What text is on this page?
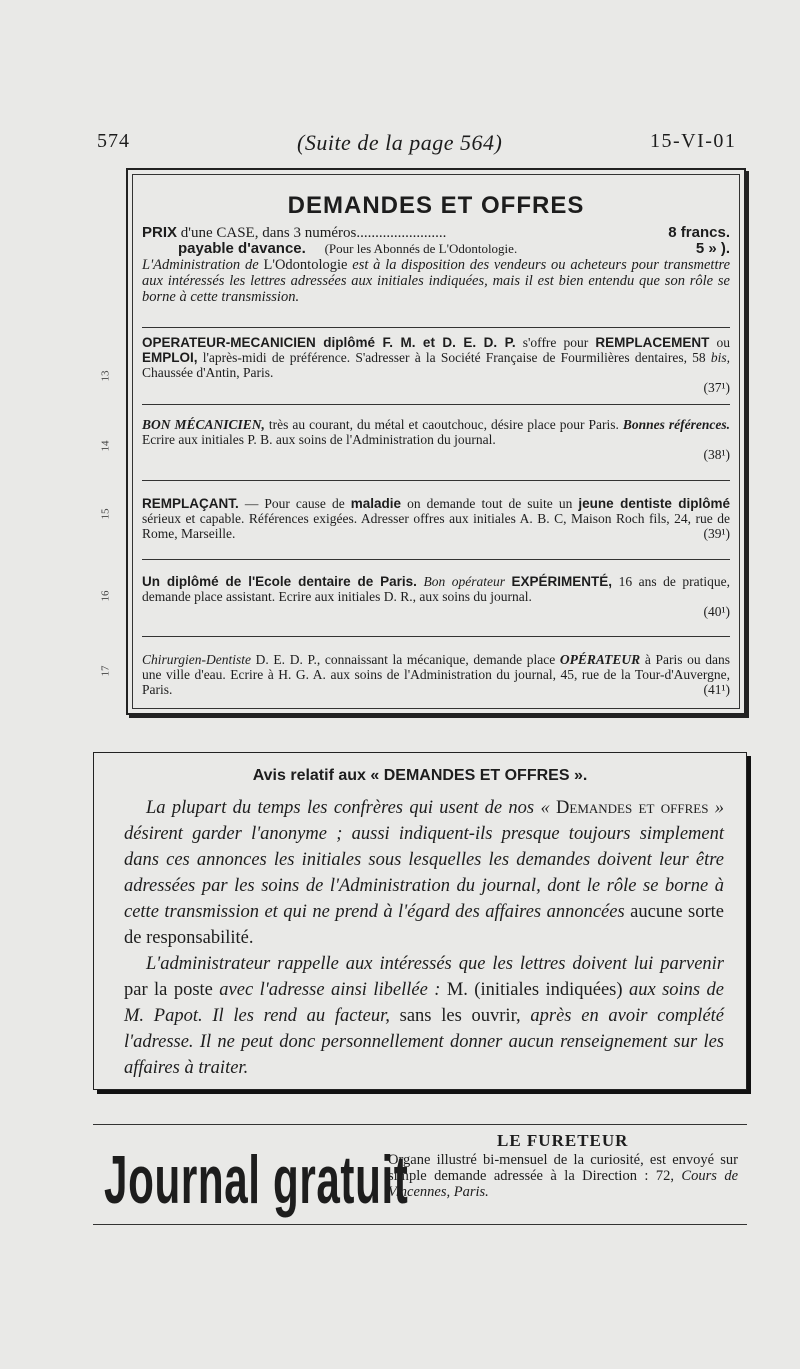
574	(Suite de la page 564)	15-VI-01
DEMANDES ET OFFRES
PRIX d'une CASE, dans 3 numéros........................	8 francs.
payable d'avance. (Pour les Abonnés de L'Odontologie.	5 » ).
L'Administration de L'Odontologie est à la disposition des vendeurs ou acheteurs pour transmettre aux intéressés les lettres adressées aux initiales indiquées, mais il est bien entendu que son rôle se borne à cette transmission.
OPERATEUR-MECANICIEN diplômé F. M. et D. E. D. P. s'offre pour REMPLACEMENT ou EMPLOI, l'après-midi de préférence. S'adresser à la Société Française de Fourmilières dentaires, 58 bis, Chaussée d'Antin, Paris.
(37¹)
BON MÉCANICIEN, très au courant, du métal et caoutchouc, désire place pour Paris. Bonnes références. Ecrire aux initiales P. B. aux soins de l'Administration du journal.
(38¹)
REMPLAÇANT. — Pour cause de maladie on demande tout de suite un jeune dentiste diplômé sérieux et capable. Références exigées. Adresser offres aux initiales A. B. C, Maison Roch fils, 24, rue de Rome, Marseille.	(39¹)
Un diplômé de l'Ecole dentaire de Paris. Bon opérateur EXPÉRIMENTÉ, 16 ans de pratique, demande place assistant. Ecrire aux initiales D. R., aux soins du journal.
(40¹)
Chirurgien-Dentiste D. E. D. P., connaissant la mécanique, demande place OPÉRATEUR à Paris ou dans une ville d'eau. Ecrire à H. G. A. aux soins de l'Administration du journal, 45, rue de la Tour-d'Auvergne, Paris.	(41¹)
13
14
15
16
17
Avis relatif aux « DEMANDES ET OFFRES ».
La plupart du temps les confrères qui usent de nos « Demandes et offres » désirent garder l'anonyme ; aussi indiquent-ils presque toujours simplement dans ces annonces les initiales sous lesquelles les demandes doivent leur être adressées par les soins de l'Administration du journal, dont le rôle se borne à cette transmission et qui ne prend à l'égard des affaires annoncées aucune sorte de responsabilité.
L'administrateur rappelle aux intéressés que les lettres doivent lui parvenir par la poste avec l'adresse ainsi libellée : M. (initiales indiquées) aux soins de M. Papot. Il les rend au facteur, sans les ouvrir, après en avoir complété l'adresse. Il ne peut donc personnellement donner aucun renseignement sur les affaires à traiter.
Journal gratuit
LE FURETEUR
Organe illustré bi-mensuel de la curiosité, est envoyé sur simple demande adressée à la Direction : 72, Cours de Vincennes, Paris.
